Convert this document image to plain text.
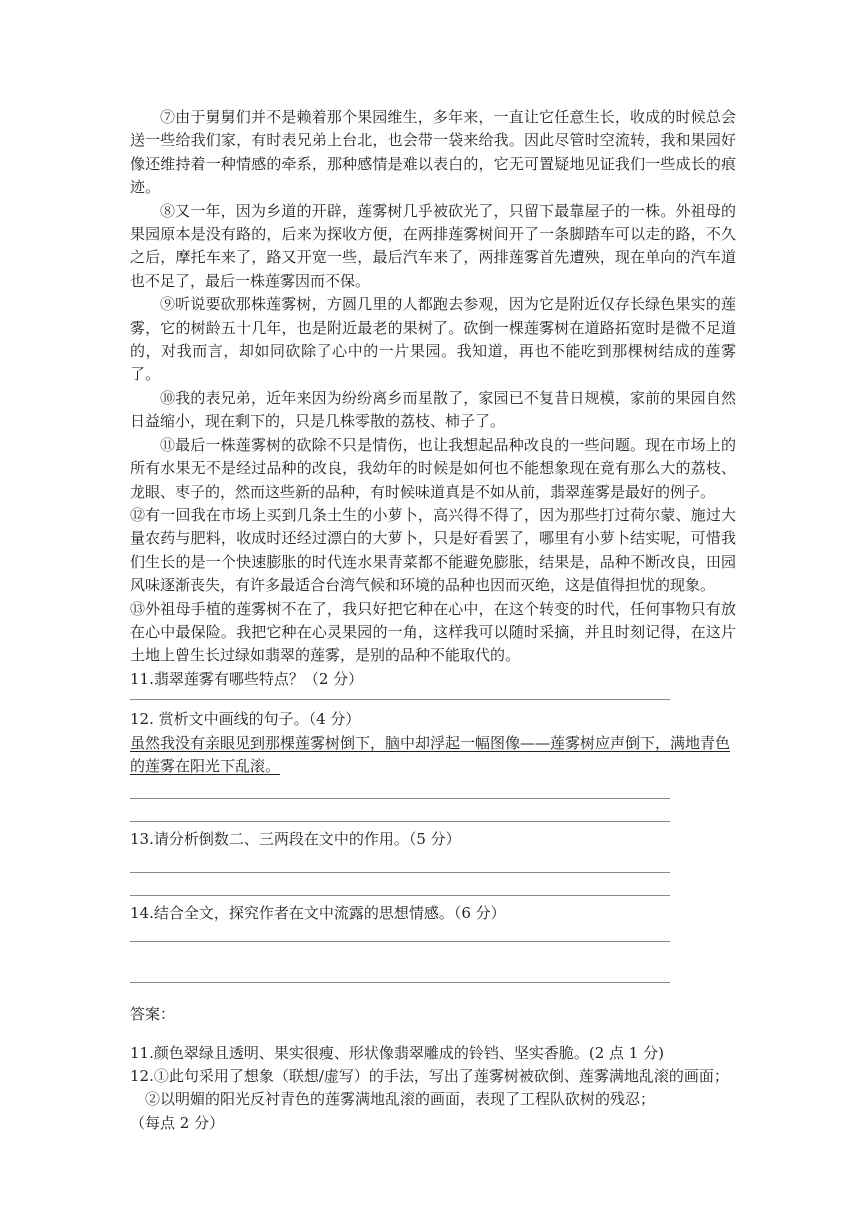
⑦由于舅舅们并不是赖着那个果园维生，多年来，一直让它任意生长，收成的时候总会送一些给我们家，有时表兄弟上台北，也会带一袋来给我。因此尽管时空流转，我和果园好像还维持着一种情感的牵系，那种感情是难以表白的，它无可置疑地见证我们一些成长的痕迹。

⑧又一年，因为乡道的开辟，莲雾树几乎被砍光了，只留下最靠屋子的一株。外祖母的果园原本是没有路的，后来为探收方便，在两排莲雾树间开了一条脚踏车可以走的路，不久之后，摩托车来了，路又开宽一些，最后汽车来了，两排莲雾首先遭殃，现在单向的汽车道也不足了，最后一株莲雾因而不保。

⑨听说要砍那株莲雾树，方圆几里的人都跑去参观，因为它是附近仅存长绿色果实的莲雾，它的树龄五十几年，也是附近最老的果树了。砍倒一棵莲雾树在道路拓宽时是微不足道的，对我而言，却如同砍除了心中的一片果园。我知道，再也不能吃到那棵树结成的莲雾了。

⑩我的表兄弟，近年来因为纷纷离乡而星散了，家园已不复昔日规模，家前的果园自然日益缩小，现在剩下的，只是几株零散的荔枝、柿子了。

⑪最后一株莲雾树的砍除不只是情伤，也让我想起品种改良的一些问题。现在市场上的所有水果无不是经过品种的改良，我幼年的时候是如何也不能想象现在竟有那么大的荔枝、龙眼、枣子的，然而这些新的品种，有时候味道真是不如从前，翡翠莲雾是最好的例子。

⑫有一回我在市场上买到几条土生的小萝卜，高兴得不得了，因为那些打过荷尔蒙、施过大量农药与肥料，收成时还经过漂白的大萝卜，只是好看罢了，哪里有小萝卜结实呢，可惜我们生长的是一个快速膨胀的时代连水果青菜都不能避免膨胀，结果是，品种不断改良，田园风味逐渐丧失，有许多最适合台湾气候和环境的品种也因而灭绝，这是值得担忧的现象。

⑬外祖母手植的莲雾树不在了，我只好把它种在心中，在这个转变的时代，任何事物只有放在心中最保险。我把它种在心灵果园的一角，这样我可以随时采摘，并且时刻记得，在这片土地上曾生长过绿如翡翠的莲雾，是别的品种不能取代的。

11.翡翠莲雾有哪些特点？（2 分）

12. 赏析文中画线的句子。（4 分）

虽然我没有亲眼见到那棵莲雾树倒下，脑中却浮起一幅图像——莲雾树应声倒下，满地青色的莲雾在阳光下乱滚。

13.请分析倒数二、三两段在文中的作用。（5 分）

14.结合全文，探究作者在文中流露的思想情感。（6 分）

答案：

11.颜色翠绿且透明、果实很瘦、形状像翡翠雕成的铃铛、坚实香脆。(2 点 1 分)

12.①此句采用了想象（联想/虚写）的手法，写出了莲雾树被砍倒、莲雾满地乱滚的画面；

②以明媚的阳光反衬青色的莲雾满地乱滚的画面，表现了工程队砍树的残忍；

（每点 2 分）
